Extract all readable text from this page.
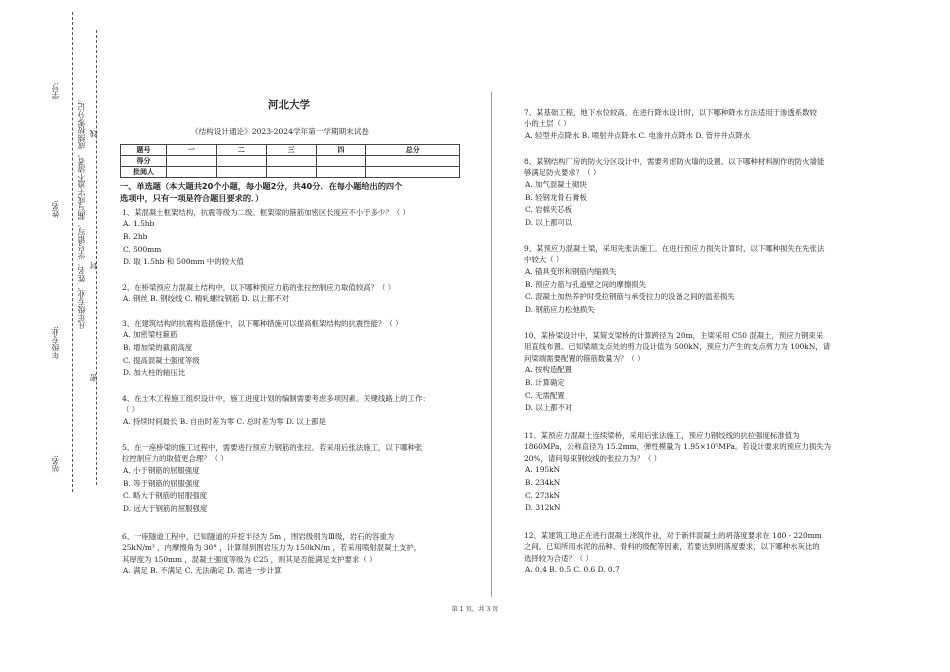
学号:
姓名:
年级专业:
站名:
凡年级专业、姓名、学号错写、漏写或字迹不清者，成绩按零分记。 线
封
密
河北大学
《结构设计通论》2023-2024学年第一学期期末试卷
题号	一	二	三	四	总分
得分					
批阅人					
一、单选题（本大题共20个小题，每小题2分，共40分．在每小题给出的四个
选项中，只有一项是符合题目要求的．）
1、某混凝土框架结构，抗震等级为二级。框架梁的箍筋加密区长度应不小于多少？（ ）
A. 1.5hb
B. 2hb
C. 500mm
D. 取 1.5hb 和 500mm 中的较大值
2、在桥梁预应力混凝土结构中，以下哪种预应力筋的张拉控制应力取值较高？（ ）
A. 钢丝 B. 钢绞线 C. 精轧螺纹钢筋 D. 以上都不对
3、在建筑结构的抗震构造措施中，以下哪种措施可以提高框架结构的抗震性能？（ ）
A. 加密梁柱箍筋
B. 增加梁的截面高度
C. 提高混凝土强度等级
D. 加大柱的轴压比
4、在土木工程施工组织设计中，施工进度计划的编制需要考虑多项因素。关键线路上的工作：
（ ）
A. 持续时间最长 B. 自由时差为零 C. 总时差为零 D. 以上都是
5、在一座桥梁的施工过程中，需要进行预应力钢筋的张拉。若采用后张法施工，以下哪种张
拉控制应力的取值更合理？（ ）
A. 小于钢筋的屈服强度
B. 等于钢筋的屈服强度
C. 略大于钢筋的屈服强度
D. 远大于钢筋的屈服强度
6、一座隧道工程中，已知隧道的开挖半径为 5m ，围岩级别为Ⅲ级，岩石的容重为
25kN/m³ ，内摩擦角为 30° ，计算得到围岩压力为 150kN/m ，若采用喷射混凝土支护，
其厚度为 150mm ，混凝土强度等级为 C25 ，则其是否能满足支护要求（ ）
A. 满足 B. 不满足 C. 无法确定 D. 需进一步计算
7、某基础工程，地下水位较高，在进行降水设计时，以下哪种降水方法适用于渗透系数较
小的土层（ ）
A. 轻型井点降水 B. 喷射井点降水 C. 电渗井点降水 D. 管井井点降水
8、某钢结构厂房的防火分区设计中，需要考虑防火墙的设置。以下哪种材料制作的防火墙能
够满足防火要求？（ ）
A. 加气混凝土砌块
B. 轻钢龙骨石膏板
C. 岩棉夹芯板
D. 以上都可以
9、某预应力混凝土梁，采用先张法施工。在进行预应力损失计算时，以下哪种损失在先张法
中较大（ ）
A. 锚具变形和钢筋内缩损失
B. 预应力筋与孔道壁之间的摩擦损失
C. 混凝土加热养护时受拉钢筋与承受拉力的设备之间的温差损失
D. 钢筋应力松弛损失
10、某桥梁设计中，某简支梁桥的计算跨径为 20m，主梁采用 C50 混凝土，预应力钢束采
用直线布置。已知梁端支点处的剪力设计值为 500kN，预应力产生的支点剪力为 100kN，请
问梁端需要配置的箍筋数量为？（ ）
A. 按构造配置
B. 计算确定
C. 无需配置
D. 以上都不对
11、某预应力混凝土连续梁桥，采用后张法施工，预应力钢绞线的抗拉强度标准值为
1860MPa，公称直径为 15.2mm，弹性模量为 1.95×10⁵MPa。若设计要求的预应力损失为
20%，请问每束钢绞线的张拉力为？（ ）
A. 195kN
B. 234kN
C. 273kN
D. 312kN
12、某建筑工地正在进行混凝土浇筑作业，对于新拌混凝土的坍落度要求在 180 - 220mm
之间。已知所用水泥的品种、骨料的级配等因素，若要达到坍落度要求，以下哪种水灰比的
选择较为合适？（ ）
A. 0.4 B. 0.5 C. 0.6 D. 0.7
第 1 页，共 3 页
